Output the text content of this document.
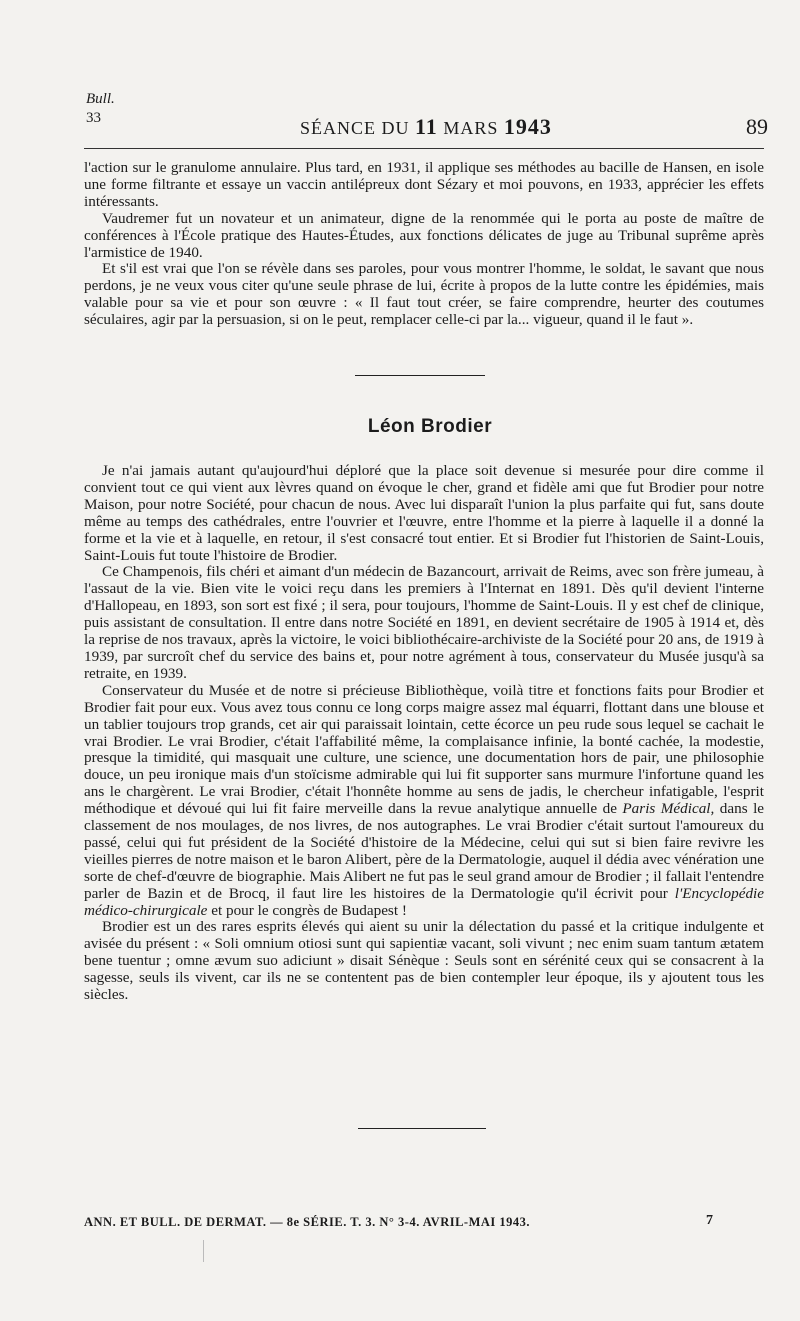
Bull.
33	SÉANCE DU 11 MARS 1943	89

l'action sur le granulome annulaire. Plus tard, en 1931, il applique ses méthodes au bacille de Hansen, en isole une forme filtrante et essaye un vaccin antilépreux dont Sézary et moi pouvons, en 1933, apprécier les effets intéressants.

Vaudremer fut un novateur et un animateur, digne de la renommée qui le porta au poste de maître de conférences à l'École pratique des Hautes-Études, aux fonctions délicates de juge au Tribunal suprême après l'armistice de 1940.

Et s'il est vrai que l'on se révèle dans ses paroles, pour vous montrer l'homme, le soldat, le savant que nous perdons, je ne veux vous citer qu'une seule phrase de lui, écrite à propos de la lutte contre les épidémies, mais valable pour sa vie et pour son œuvre : « Il faut tout créer, se faire comprendre, heurter des coutumes séculaires, agir par la persuasion, si on le peut, remplacer celle-ci par la... vigueur, quand il le faut ».

Léon Brodier

Je n'ai jamais autant qu'aujourd'hui déploré que la place soit devenue si mesurée pour dire comme il convient tout ce qui vient aux lèvres quand on évoque le cher, grand et fidèle ami que fut Brodier pour notre Maison, pour notre Société, pour chacun de nous. Avec lui disparaît l'union la plus parfaite qui fut, sans doute même au temps des cathédrales, entre l'ouvrier et l'œuvre, entre l'homme et la pierre à laquelle il a donné la forme et la vie et à laquelle, en retour, il s'est consacré tout entier. Et si Brodier fut l'historien de Saint-Louis, Saint-Louis fut toute l'histoire de Brodier.

Ce Champenois, fils chéri et aimant d'un médecin de Bazancourt, arrivait de Reims, avec son frère jumeau, à l'assaut de la vie. Bien vite le voici reçu dans les premiers à l'Internat en 1891. Dès qu'il devient l'interne d'Hallopeau, en 1893, son sort est fixé ; il sera, pour toujours, l'homme de Saint-Louis. Il y est chef de clinique, puis assistant de consultation. Il entre dans notre Société en 1891, en devient secrétaire de 1905 à 1914 et, dès la reprise de nos travaux, après la victoire, le voici bibliothécaire-archiviste de la Société pour 20 ans, de 1919 à 1939, par surcroît chef du service des bains et, pour notre agrément à tous, conservateur du Musée jusqu'à sa retraite, en 1939.

Conservateur du Musée et de notre si précieuse Bibliothèque, voilà titre et fonctions faits pour Brodier et Brodier fait pour eux. Vous avez tous connu ce long corps maigre assez mal équarri, flottant dans une blouse et un tablier toujours trop grands, cet air qui paraissait lointain, cette écorce un peu rude sous lequel se cachait le vrai Brodier. Le vrai Brodier, c'était l'affabilité même, la complaisance infinie, la bonté cachée, la modestie, presque la timidité, qui masquait une culture, une science, une documentation hors de pair, une philosophie douce, un peu ironique mais d'un stoïcisme admirable qui lui fit supporter sans murmure l'infortune quand les ans le chargèrent. Le vrai Brodier, c'était l'honnête homme au sens de jadis, le chercheur infatigable, l'esprit méthodique et dévoué qui lui fit faire merveille dans la revue analytique annuelle de Paris Médical, dans le classement de nos moulages, de nos livres, de nos autographes. Le vrai Brodier c'était surtout l'amoureux du passé, celui qui fut président de la Société d'histoire de la Médecine, celui qui sut si bien faire revivre les vieilles pierres de notre maison et le baron Alibert, père de la Dermatologie, auquel il dédia avec vénération une sorte de chef-d'œuvre de biographie. Mais Alibert ne fut pas le seul grand amour de Brodier ; il fallait l'entendre parler de Bazin et de Brocq, il faut lire les histoires de la Dermatologie qu'il écrivit pour l'Encyclopédie médico-chirurgicale et pour le congrès de Budapest !

Brodier est un des rares esprits élevés qui aient su unir la délectation du passé et la critique indulgente et avisée du présent : « Soli omnium otiosi sunt qui sapientiæ vacant, soli vivunt ; nec enim suam tantum ætatem bene tuentur ; omne ævum suo adiciunt » disait Sénèque : Seuls sont en sérénité ceux qui se consacrent à la sagesse, seuls ils vivent, car ils ne se contentent pas de bien contempler leur époque, ils y ajoutent tous les siècles.

ANN. ET BULL. DE DERMAT. — 8e SÉRIE. T. 3. N° 3-4. AVRIL-MAI 1943.	7
